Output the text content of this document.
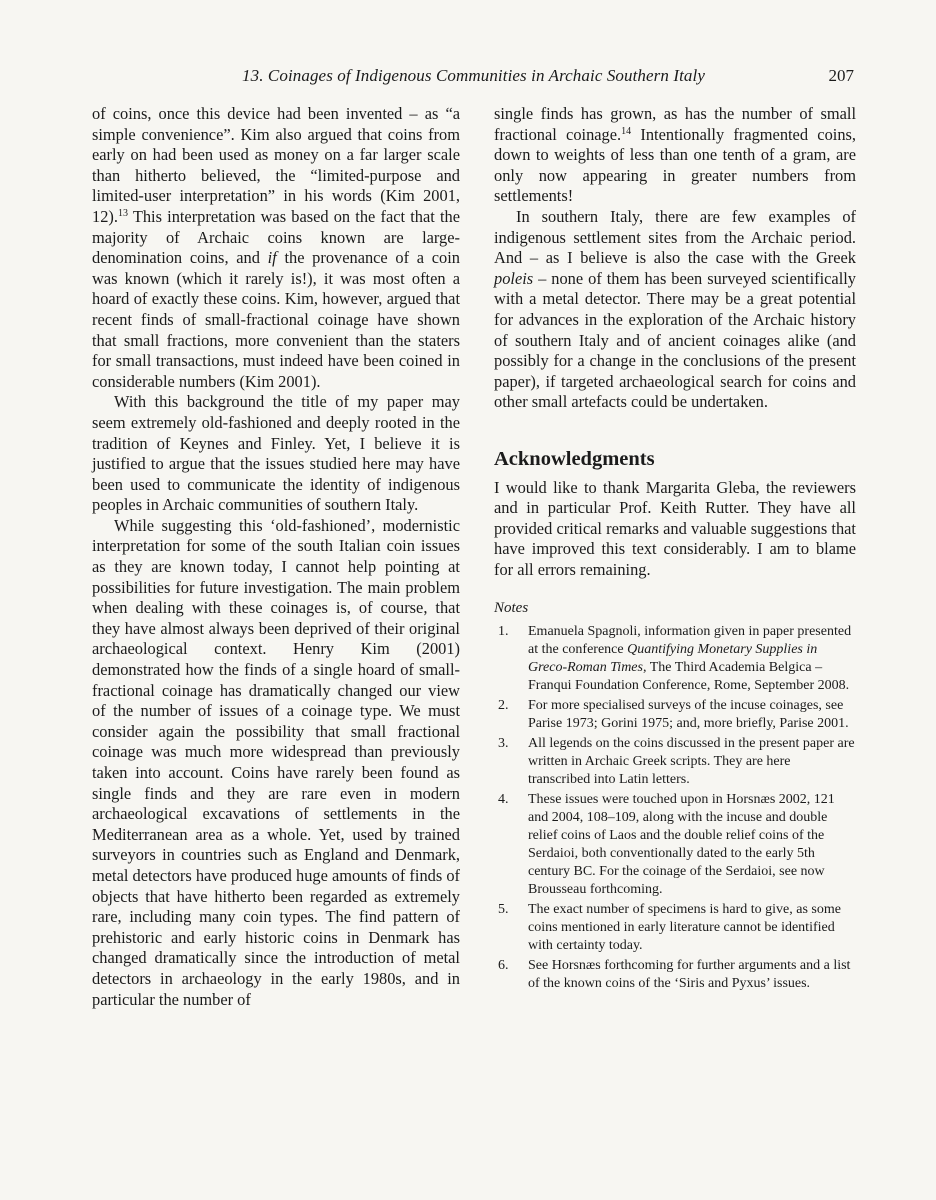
13. Coinages of Indigenous Communities in Archaic Southern Italy	207

of coins, once this device had been invented – as “a simple convenience”. Kim also argued that coins from early on had been used as money on a far larger scale than hitherto believed, the “limited-purpose and limited-user interpretation” in his words (Kim 2001, 12).$^{13}$ This interpretation was based on the fact that the majority of Archaic coins known are large-denomination coins, and if the provenance of a coin was known (which it rarely is!), it was most often a hoard of exactly these coins. Kim, however, argued that recent finds of small-fractional coinage have shown that small fractions, more convenient than the staters for small transactions, must indeed have been coined in considerable numbers (Kim 2001).

With this background the title of my paper may seem extremely old-fashioned and deeply rooted in the tradition of Keynes and Finley. Yet, I believe it is justified to argue that the issues studied here may have been used to communicate the identity of indigenous peoples in Archaic communities of southern Italy.

While suggesting this ‘old-fashioned’, modernistic interpretation for some of the south Italian coin issues as they are known today, I cannot help pointing at possibilities for future investigation. The main problem when dealing with these coinages is, of course, that they have almost always been deprived of their original archaeological context. Henry Kim (2001) demonstrated how the finds of a single hoard of small-fractional coinage has dramatically changed our view of the number of issues of a coinage type. We must consider again the possibility that small fractional coinage was much more widespread than previously taken into account. Coins have rarely been found as single finds and they are rare even in modern archaeological excavations of settlements in the Mediterranean area as a whole. Yet, used by trained surveyors in countries such as England and Denmark, metal detectors have produced huge amounts of finds of objects that have hitherto been regarded as extremely rare, including many coin types. The find pattern of prehistoric and early historic coins in Denmark has changed dramatically since the introduction of metal detectors in archaeology in the early 1980s, and in particular the number of

single finds has grown, as has the number of small fractional coinage.$^{14}$ Intentionally fragmented coins, down to weights of less than one tenth of a gram, are only now appearing in greater numbers from settlements!

In southern Italy, there are few examples of indigenous settlement sites from the Archaic period. And – as I believe is also the case with the Greek poleis – none of them has been surveyed scientifically with a metal detector. There may be a great potential for advances in the exploration of the Archaic history of southern Italy and of ancient coinages alike (and possibly for a change in the conclusions of the present paper), if targeted archaeological search for coins and other small artefacts could be undertaken.

Acknowledgments

I would like to thank Margarita Gleba, the reviewers and in particular Prof. Keith Rutter. They have all provided critical remarks and valuable suggestions that have improved this text considerably. I am to blame for all errors remaining.

Notes

1.	Emanuela Spagnoli, information given in paper presented at the conference Quantifying Monetary Supplies in Greco-Roman Times, The Third Academia Belgica – Franqui Foundation Conference, Rome, September 2008.
2.	For more specialised surveys of the incuse coinages, see Parise 1973; Gorini 1975; and, more briefly, Parise 2001.
3.	All legends on the coins discussed in the present paper are written in Archaic Greek scripts. They are here transcribed into Latin letters.
4.	These issues were touched upon in Horsnæs 2002, 121 and 2004, 108–109, along with the incuse and double relief coins of Laos and the double relief coins of the Serdaioi, both conventionally dated to the early 5th century BC. For the coinage of the Serdaioi, see now Brousseau forthcoming.
5.	The exact number of specimens is hard to give, as some coins mentioned in early literature cannot be identified with certainty today.
6.	See Horsnæs forthcoming for further arguments and a list of the known coins of the ‘Siris and Pyxus’ issues.
